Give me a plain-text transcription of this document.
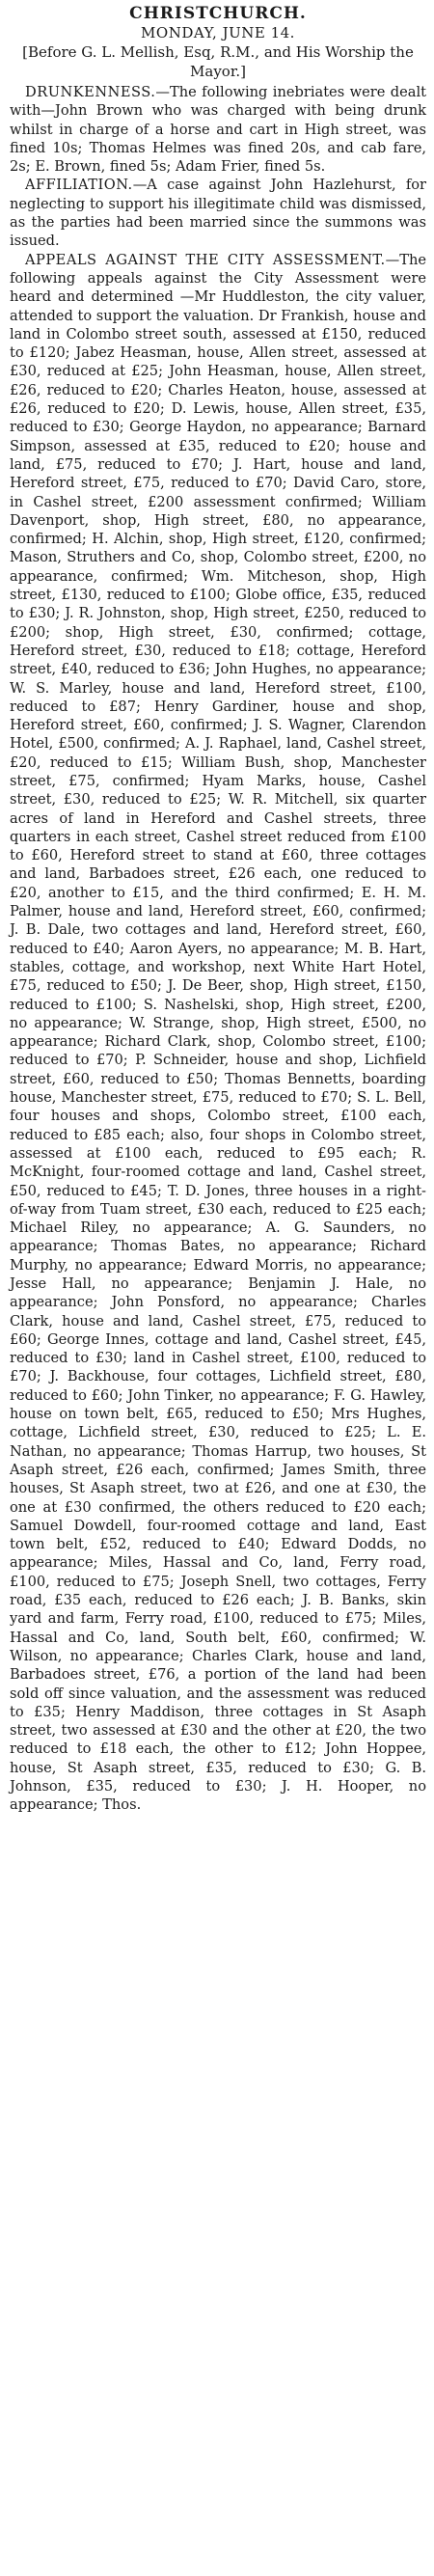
CHRISTCHURCH.
MONDAY, JUNE 14.
[Before G. L. Mellish, Esq, R.M., and His Worship the Mayor.]

DRUNKENNESS.—The following inebriates were dealt with—John Brown who was charged with being drunk whilst in charge of a horse and cart in High street, was fined 10s; Thomas Helmes was fined 20s, and cab fare, 2s; E. Brown, fined 5s; Adam Frier, fined 5s.

AFFILIATION.—A case against John Hazlehurst, for neglecting to support his illegitimate child was dismissed, as the parties had been married since the summons was issued.

APPEALS AGAINST THE CITY ASSESSMENT.—The following appeals against the City Assessment were heard and determined —Mr Huddleston, the city valuer, attended to support the valuation. Dr Frankish, house and land in Colombo street south, assessed at £150, reduced to £120; Jabez Heasman, house, Allen street, assessed at £30, reduced at £25; John Heasman, house, Allen street, £26, reduced to £20; Charles Heaton, house, assessed at £26, reduced to £20; D. Lewis, house, Allen street, £35, reduced to £30; George Haydon, no appearance; Barnard Simpson, assessed at £35, reduced to £20; house and land, £75, reduced to £70; J. Hart, house and land, Hereford street, £75, reduced to £70; David Caro, store, in Cashel street, £200 assessment confirmed; William Davenport, shop, High street, £80, no appearance, confirmed; H. Alchin, shop, High street, £120, confirmed; Mason, Struthers and Co, shop, Colombo street, £200, no appearance, confirmed; Wm. Mitcheson, shop, High street, £130, reduced to £100; Globe office, £35, reduced to £30; J. R. Johnston, shop, High street, £250, reduced to £200; shop, High street, £30, confirmed; cottage, Hereford street, £30, reduced to £18; cottage, Hereford street, £40, reduced to £36; John Hughes, no appearance; W. S. Marley, house and land, Hereford street, £100, reduced to £87; Henry Gardiner, house and shop, Hereford street, £60, confirmed; J. S. Wagner, Clarendon Hotel, £500, confirmed; A. J. Raphael, land, Cashel street, £20, reduced to £15; William Bush, shop, Manchester street, £75, confirmed; Hyam Marks, house, Cashel street, £30, reduced to £25; W. R. Mitchell, six quarter acres of land in Hereford and Cashel streets, three quarters in each street, Cashel street reduced from £100 to £60, Hereford street to stand at £60, three cottages and land, Barbadoes street, £26 each, one reduced to £20, another to £15, and the third confirmed; E. H. M. Palmer, house and land, Hereford street, £60, confirmed; J. B. Dale, two cottages and land, Hereford street, £60, reduced to £40; Aaron Ayers, no appearance; M. B. Hart, stables, cottage, and workshop, next White Hart Hotel, £75, reduced to £50; J. De Beer, shop, High street, £150, reduced to £100; S. Nashelski, shop, High street, £200, no appearance; W. Strange, shop, High street, £500, no appearance; Richard Clark, shop, Colombo street, £100; reduced to £70; P. Schneider, house and shop, Lichfield street, £60, reduced to £50; Thomas Bennetts, boarding house, Manchester street, £75, reduced to £70; S. L. Bell, four houses and shops, Colombo street, £100 each, reduced to £85 each; also, four shops in Colombo street, assessed at £100 each, reduced to £95 each; R. McKnight, four-roomed cottage and land, Cashel street, £50, reduced to £45; T. D. Jones, three houses in a right-of-way from Tuam street, £30 each, reduced to £25 each; Michael Riley, no appearance; A. G. Saunders, no appearance; Thomas Bates, no appearance; Richard Murphy, no appearance; Edward Morris, no appearance; Jesse Hall, no appearance; Benjamin J. Hale, no appearance; John Ponsford, no appearance; Charles Clark, house and land, Cashel street, £75, reduced to £60; George Innes, cottage and land, Cashel street, £45, reduced to £30; land in Cashel street, £100, reduced to £70; J. Backhouse, four cottages, Lichfield street, £80, reduced to £60; John Tinker, no appearance; F. G. Hawley, house on town belt, £65, reduced to £50; Mrs Hughes, cottage, Lichfield street, £30, reduced to £25; L. E. Nathan, no appearance; Thomas Harrup, two houses, St Asaph street, £26 each, confirmed; James Smith, three houses, St Asaph street, two at £26, and one at £30, the one at £30 confirmed, the others reduced to £20 each; Samuel Dowdell, four-roomed cottage and land, East town belt, £52, reduced to £40; Edward Dodds, no appearance; Miles, Hassal and Co, land, Ferry road, £100, reduced to £75; Joseph Snell, two cottages, Ferry road, £35 each, reduced to £26 each; J. B. Banks, skin yard and farm, Ferry road, £100, reduced to £75; Miles, Hassal and Co, land, South belt, £60, confirmed; W. Wilson, no appearance; Charles Clark, house and land, Barbadoes street, £76, a portion of the land had been sold off since valuation, and the assessment was reduced to £35; Henry Maddison, three cottages in St Asaph street, two assessed at £30 and the other at £20, the two reduced to £18 each, the other to £12; John Hoppee, house, St Asaph street, £35, reduced to £30; G. B. Johnson, £35, reduced to £30; J. H. Hooper, no appearance; Thos.
